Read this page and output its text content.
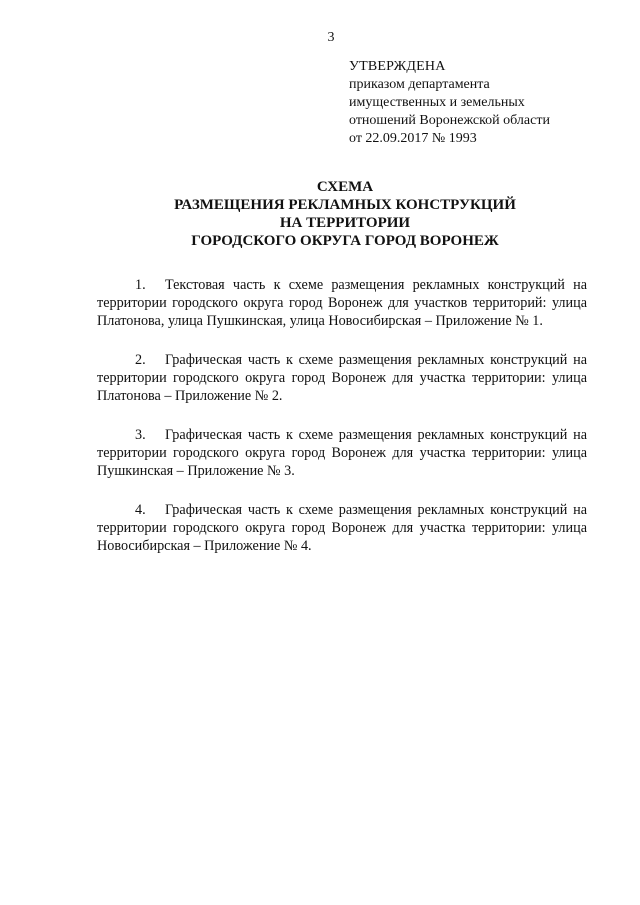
3
УТВЕРЖДЕНА
приказом департамента
имущественных и земельных
отношений Воронежской области
от 22.09.2017 № 1993
СХЕМА
РАЗМЕЩЕНИЯ РЕКЛАМНЫХ КОНСТРУКЦИЙ
НА ТЕРРИТОРИИ
ГОРОДСКОГО ОКРУГА ГОРОД ВОРОНЕЖ

1. Текстовая часть к схеме размещения рекламных конструкций на территории городского округа город Воронеж для участков территорий: улица Платонова, улица Пушкинская, улица Новосибирская – Приложение № 1.

2. Графическая часть к схеме размещения рекламных конструкций на территории городского округа город Воронеж для участка территории: улица Платонова – Приложение № 2.

3. Графическая часть к схеме размещения рекламных конструкций на территории городского округа город Воронеж для участка территории: улица Пушкинская – Приложение № 3.

4. Графическая часть к схеме размещения рекламных конструкций на территории городского округа город Воронеж для участка территории: улица Новосибирская – Приложение № 4.
